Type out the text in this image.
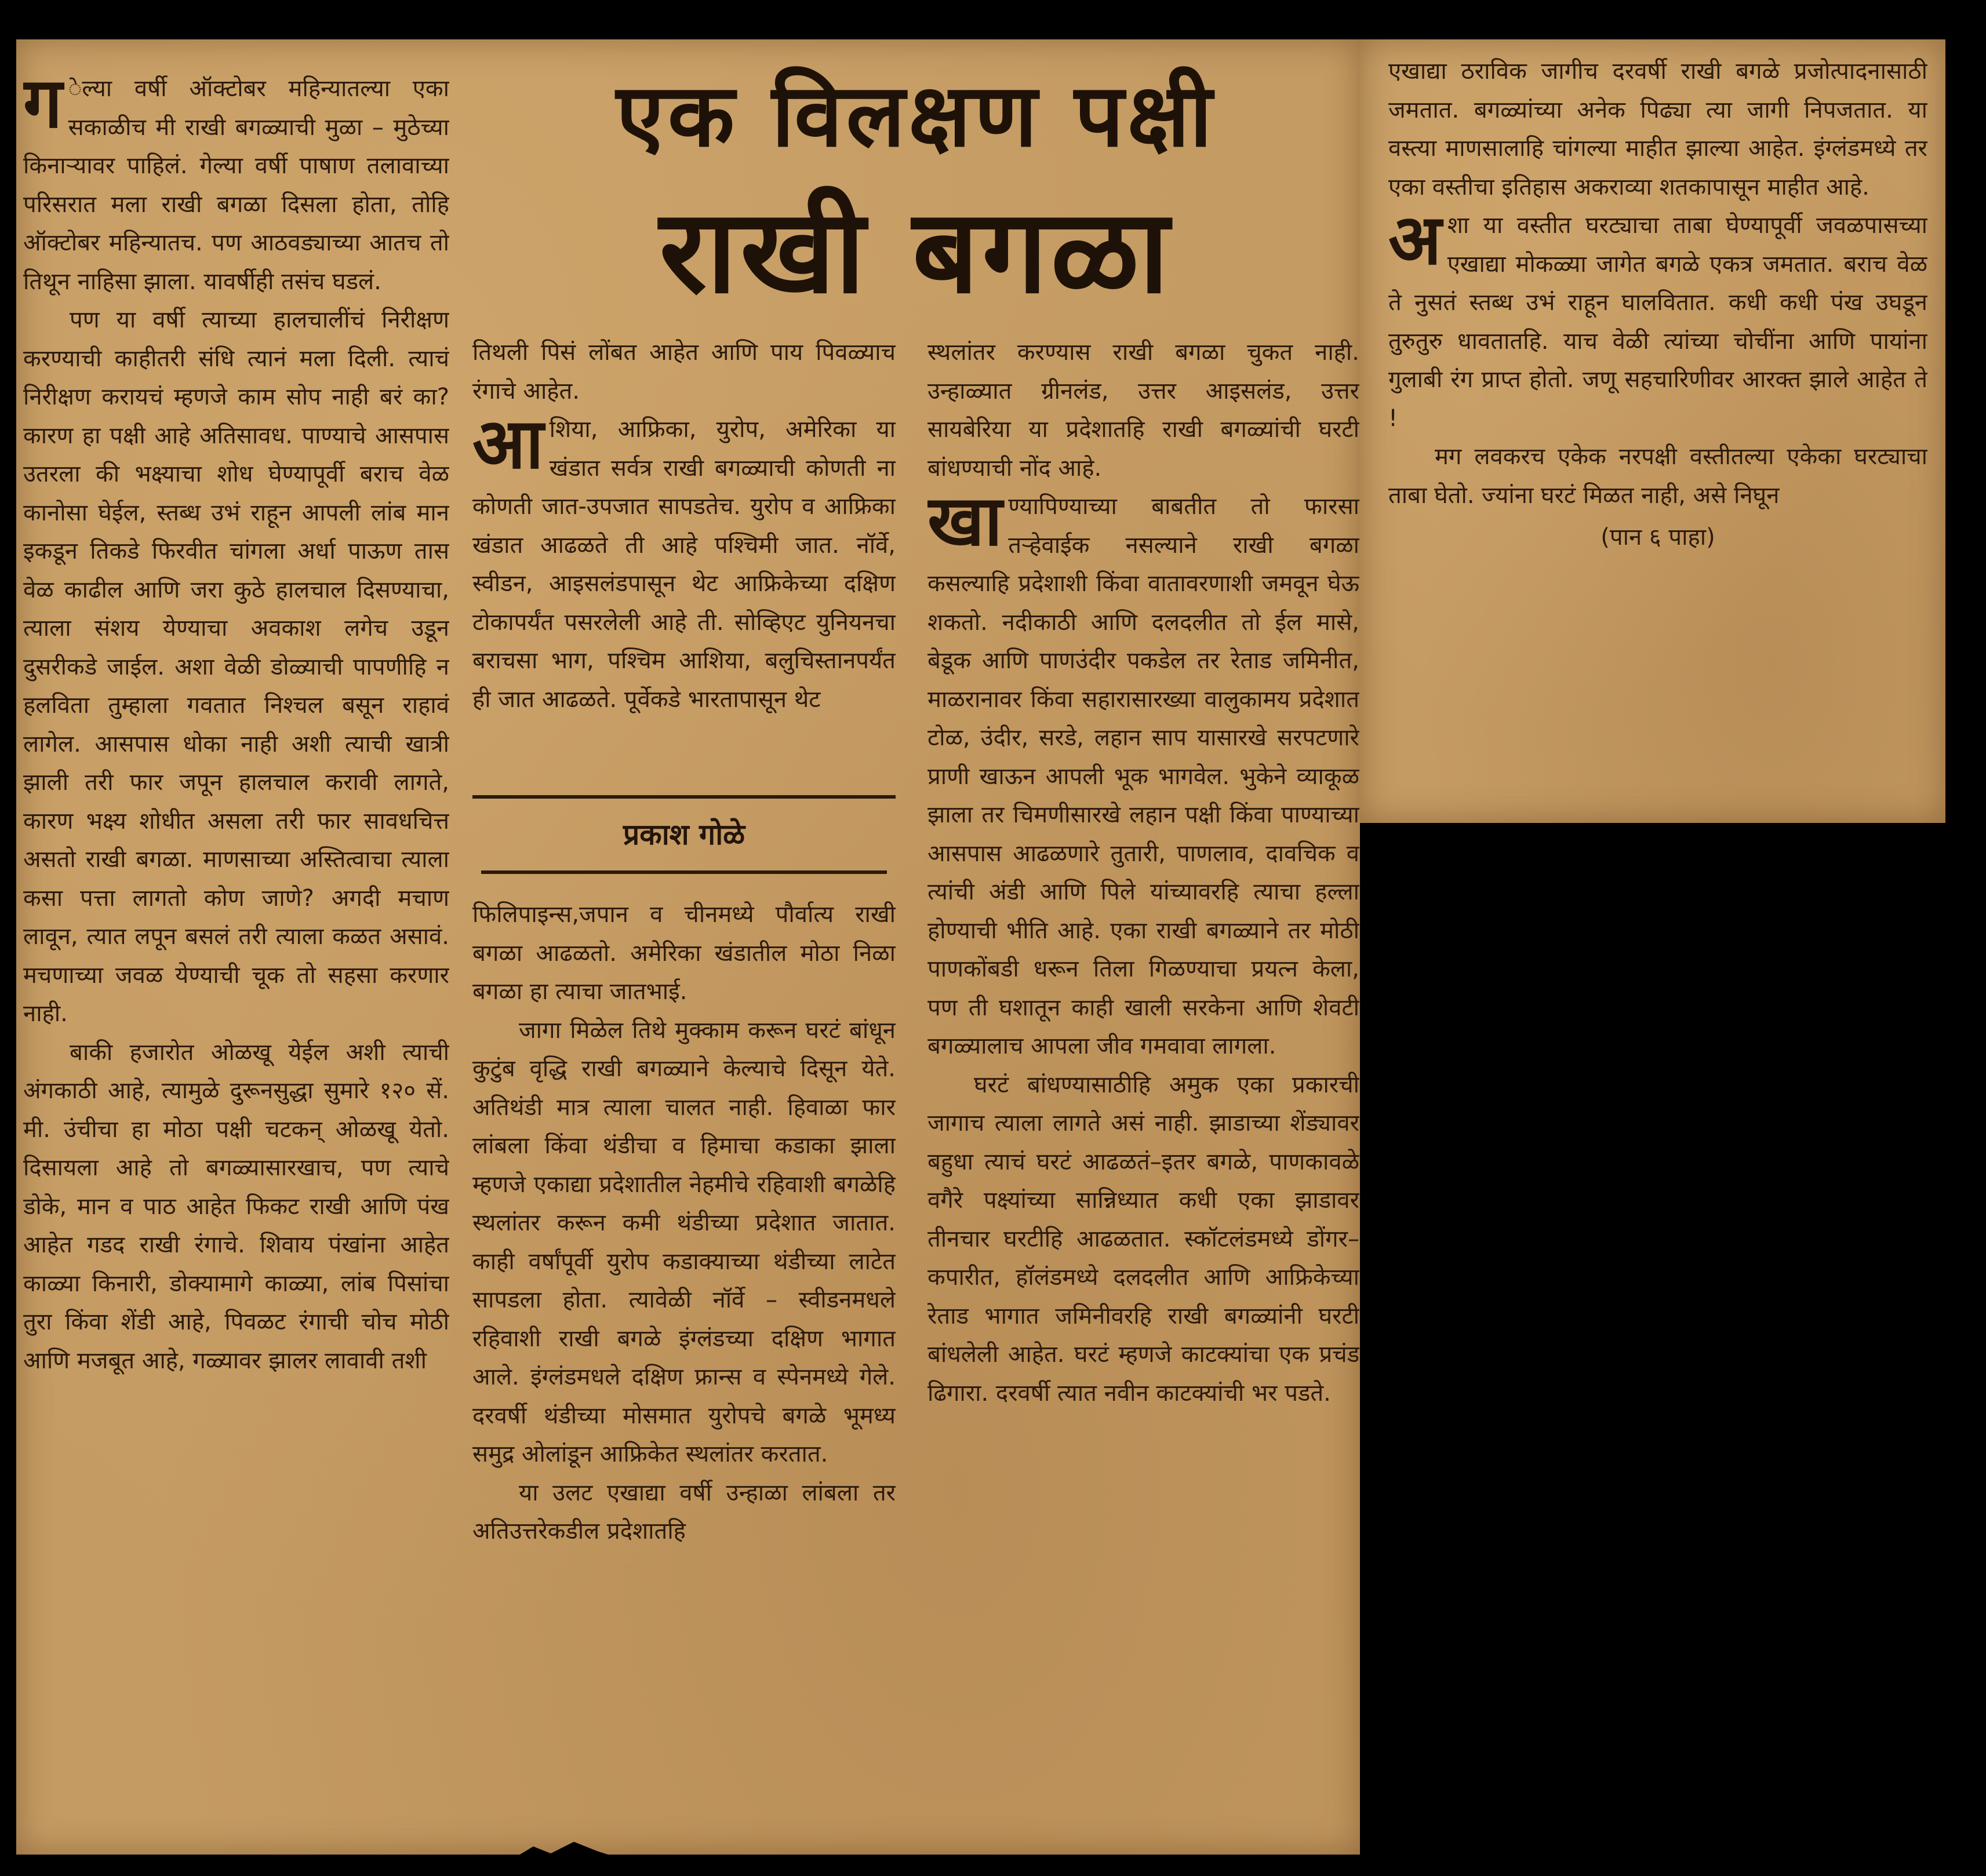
एक विलक्षण पक्षी
राखी बगळा

ग ेल्या वर्षी ऑक्टोबर महिन्यातल्या एका सकाळीच मी राखी बगळ्याची मुळा – मुठेच्या किनाऱ्यावर पाहिलं. गेल्या वर्षी पाषाण तलावाच्या परिसरात मला राखी बगळा दिसला होता, तोहि ऑक्टोबर महिन्यातच. पण आठवड्याच्या आतच तो तिथून नाहिसा झाला. यावर्षीही तसंच घडलं.

पण या वर्षी त्याच्या हालचालींचं निरीक्षण करण्याची काहीतरी संधि त्यानं मला दिली. त्याचं निरीक्षण करायचं म्हणजे काम सोप नाही बरं का? कारण हा पक्षी आहे अतिसावध. पाण्याचे आसपास उतरला की भक्ष्याचा शोध घेण्यापूर्वी बराच वेळ कानोसा घेईल, स्तब्ध उभं राहून आपली लांब मान इकडून तिकडे फिरवीत चांगला अर्धा पाऊण तास वेळ काढील आणि जरा कुठे हालचाल दिसण्याचा, त्याला संशय येण्याचा अवकाश लगेच उडून दुसरीकडे जाईल. अशा वेळी डोळ्याची पापणीहि न हलविता तुम्हाला गवतात निश्चल बसून राहावं लागेल. आसपास धोका नाही अशी त्याची खात्री झाली तरी फार जपून हालचाल करावी लागते, कारण भक्ष्य शोधीत असला तरी फार सावधचित्त असतो राखी बगळा. माणसाच्या अस्तित्वाचा त्याला कसा पत्ता लागतो कोण जाणे? अगदी मचाण लावून, त्यात लपून बसलं तरी त्याला कळत असावं. मचणाच्या जवळ येण्याची चूक तो सहसा करणार नाही.

बाकी हजारोत ओळखू येईल अशी त्याची अंगकाठी आहे, त्यामुळे दुरूनसुद्धा सुमारे १२० सें. मी. उंचीचा हा मोठा पक्षी चटकन् ओळखू येतो. दिसायला आहे तो बगळ्यासारखाच, पण त्याचे डोके, मान व पाठ आहेत फिकट राखी आणि पंख आहेत गडद राखी रंगाचे. शिवाय पंखांना आहेत काळ्या किनारी, डोक्यामागे काळ्या, लांब पिसांचा तुरा किंवा शेंडी आहे, पिवळट रंगाची चोच मोठी आणि मजबूत आहे, गळ्यावर झालर लावावी तशी

तिथली पिसं लोंबत आहेत आणि पाय पिवळ्याच रंगाचे आहेत.

आशिया, आफ्रिका, युरोप, अमेरिका या खंडात सर्वत्र राखी बगळ्याची कोणती ना कोणती जात-उपजात सापडतेच. युरोप व आफ्रिका खंडात आढळते ती आहे पश्चिमी जात. नॉर्वे, स्वीडन, आइसलंडपासून थेट आफ्रिकेच्या दक्षिण टोकापर्यंत पसरलेली आहे ती. सोव्हिएट युनियनचा बराचसा भाग, पश्चिम आशिया, बलुचिस्तानपर्यंत ही जात आढळते. पूर्वेकडे भारतापासून थेट

प्रकाश गोळे

फिलिपाइन्स,जपान व चीनमध्ये पौर्वात्य राखी बगळा आढळतो. अमेरिका खंडातील मोठा निळा बगळा हा त्याचा जातभाई.

जागा मिळेल तिथे मुक्काम करून घरटं बांधून कुटुंब वृद्धि राखी बगळ्याने केल्याचे दिसून येते. अतिथंडी मात्र त्याला चालत नाही. हिवाळा फार लांबला किंवा थंडीचा व हिमाचा कडाका झाला म्हणजे एकाद्या प्रदेशातील नेहमीचे रहिवाशी बगळेहि स्थलांतर करून कमी थंडीच्या प्रदेशात जातात. काही वर्षांपूर्वी युरोप कडाक्याच्या थंडीच्या लाटेत सापडला होता. त्यावेळी नॉर्वे – स्वीडनमधले रहिवाशी राखी बगळे इंग्लंडच्या दक्षिण भागात आले. इंग्लंडमधले दक्षिण फ्रान्स व स्पेनमध्ये गेले. दरवर्षी थंडीच्या मोसमात युरोपचे बगळे भूमध्य समुद्र ओलांडून आफ्रिकेत स्थलांतर करतात.

या उलट एखाद्या वर्षी उन्हाळा लांबला तर अतिउत्तरेकडील प्रदेशातहि

स्थलांतर करण्यास राखी बगळा चुकत नाही. उन्हाळ्यात ग्रीनलंड, उत्तर आइसलंड, उत्तर सायबेरिया या प्रदेशातहि राखी बगळ्यांची घरटी बांधण्याची नोंद आहे.

खाण्यापिण्याच्या बाबतीत तो फारसा तऱ्हेवाईक नसल्याने राखी बगळा कसल्याहि प्रदेशाशी किंवा वातावरणाशी जमवून घेऊ शकतो. नदीकाठी आणि दलदलीत तो ईल मासे, बेडूक आणि पाणउंदीर पकडेल तर रेताड जमिनीत, माळरानावर किंवा सहारासारख्या वालुकामय प्रदेशात टोळ, उंदीर, सरडे, लहान साप यासारखे सरपटणारे प्राणी खाऊन आपली भूक भागवेल. भुकेने व्याकूळ झाला तर चिमणीसारखे लहान पक्षी किंवा पाण्याच्या आसपास आढळणारे तुतारी, पाणलाव, दावचिक व त्यांची अंडी आणि पिले यांच्यावरहि त्याचा हल्ला होण्याची भीति आहे. एका राखी बगळ्याने तर मोठी पाणकोंबडी धरून तिला गिळण्याचा प्रयत्न केला, पण ती घशातून काही खाली सरकेना आणि शेवटी बगळ्यालाच आपला जीव गमवावा लागला.

घरटं बांधण्यासाठीहि अमुक एका प्रकारची जागाच त्याला लागते असं नाही. झाडाच्या शेंड्यावर बहुधा त्याचं घरटं आढळतं–इतर बगळे, पाणकावळे वगैरे पक्ष्यांच्या सान्निध्यात कधी एका झाडावर तीनचार घरटीहि आढळतात. स्कॉटलंडमध्ये डोंगर–कपारीत, हॉलंडमध्ये दलदलीत आणि आफ्रिकेच्या रेताड भागात जमिनीवरहि राखी बगळ्यांनी घरटी बांधलेली आहेत. घरटं म्हणजे काटक्यांचा एक प्रचंड ढिगारा. दरवर्षी त्यात नवीन काटक्यांची भर पडते.

एखाद्या ठराविक जागीच दरवर्षी राखी बगळे प्रजोत्पादनासाठी जमतात. बगळ्यांच्या अनेक पिढ्या त्या जागी निपजतात. या वस्त्या माणसालाहि चांगल्या माहीत झाल्या आहेत. इंग्लंडमध्ये तर एका वस्तीचा इतिहास अकराव्या शतकापासून माहीत आहे.

अशा या वस्तीत घरट्याचा ताबा घेण्यापूर्वी जवळपासच्या एखाद्या मोकळ्या जागेत बगळे एकत्र जमतात. बराच वेळ ते नुसतं स्तब्ध उभं राहून घालवितात. कधी कधी पंख उघडून तुरुतुरु धावतातहि. याच वेळी त्यांच्या चोचींना आणि पायांना गुलाबी रंग प्राप्त होतो. जणू सहचारिणीवर आरक्त झाले आहेत ते !

मग लवकरच एकेक नरपक्षी वस्तीतल्या एकेका घरट्याचा ताबा घेतो. ज्यांना घरटं मिळत नाही, असे निघून

(पान ६ पाहा)
